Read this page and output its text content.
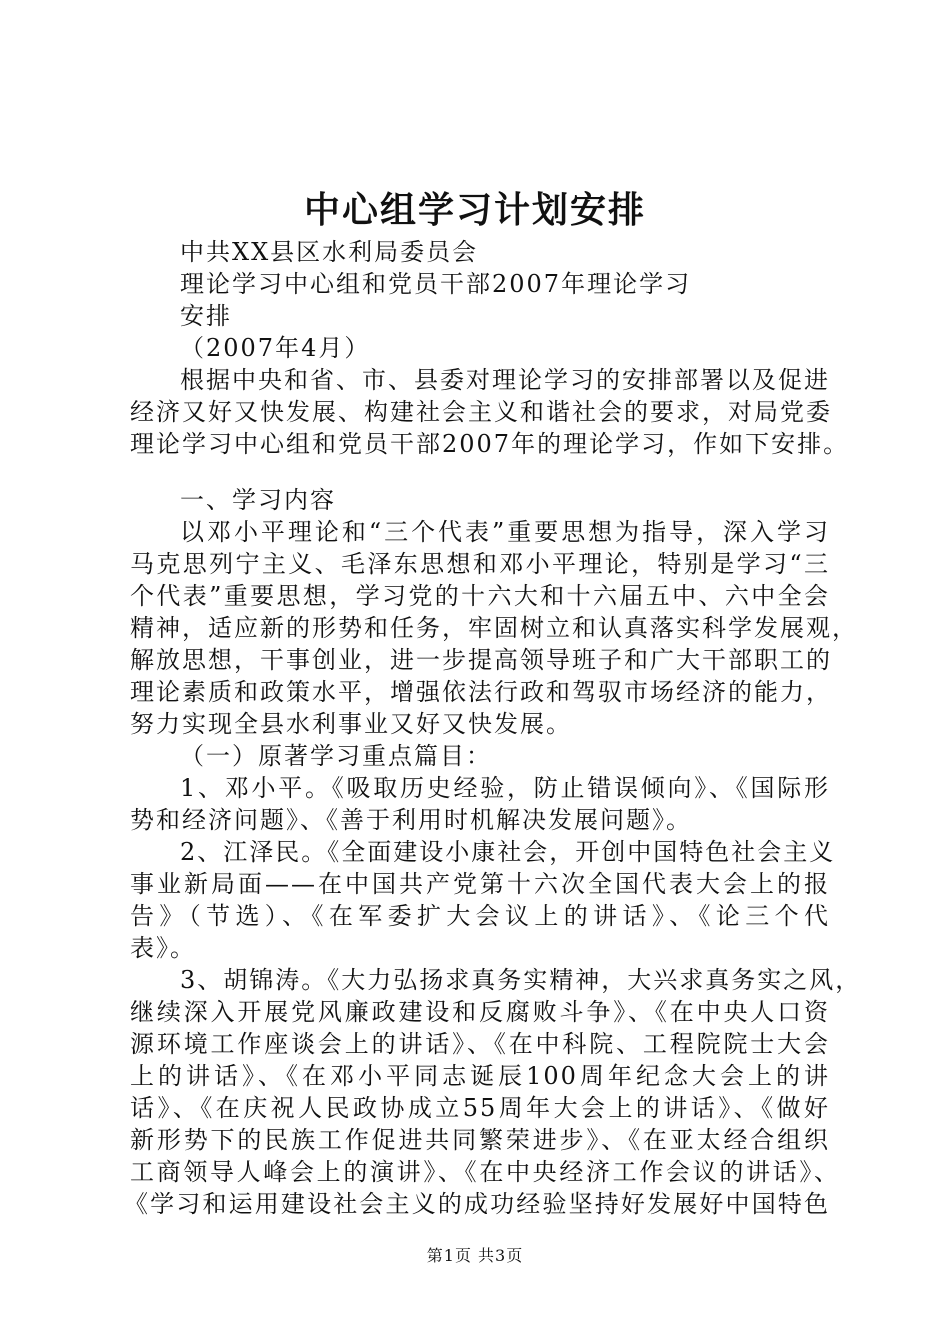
中心组学习计划安排
中共XX县区水利局委员会
理论学习中心组和党员干部2007年理论学习
安排
（2007年4月）
根据中央和省、市、县委对理论学习的安排部署以及促进
经济又好又快发展、构建社会主义和谐社会的要求，对局党委
理论学习中心组和党员干部2007年的理论学习，作如下安排。
一、学习内容
以邓小平理论和“三个代表”重要思想为指导，深入学习
马克思列宁主义、毛泽东思想和邓小平理论，特别是学习“三
个代表”重要思想，学习党的十六大和十六届五中、六中全会
精神，适应新的形势和任务，牢固树立和认真落实科学发展观，
解放思想，干事创业，进一步提高领导班子和广大干部职工的
理论素质和政策水平，增强依法行政和驾驭市场经济的能力，
努力实现全县水利事业又好又快发展。
（一）原著学习重点篇目：
1、邓小平。《吸取历史经验，防止错误倾向》、《国际形
势和经济问题》、《善于利用时机解决发展问题》。
2、江泽民。《全面建设小康社会，开创中国特色社会主义
事业新局面——在中国共产党第十六次全国代表大会上的报
告》（节选）、《在军委扩大会议上的讲话》、《论三个代
表》。
3、胡锦涛。《大力弘扬求真务实精神，大兴求真务实之风，
继续深入开展党风廉政建设和反腐败斗争》、《在中央人口资
源环境工作座谈会上的讲话》、《在中科院、工程院院士大会
上的讲话》、《在邓小平同志诞辰100周年纪念大会上的讲
话》、《在庆祝人民政协成立55周年大会上的讲话》、《做好
新形势下的民族工作促进共同繁荣进步》、《在亚太经合组织
工商领导人峰会上的演讲》、《在中央经济工作会议的讲话》、
《学习和运用建设社会主义的成功经验坚持好发展好中国特色
第1页 共3页
